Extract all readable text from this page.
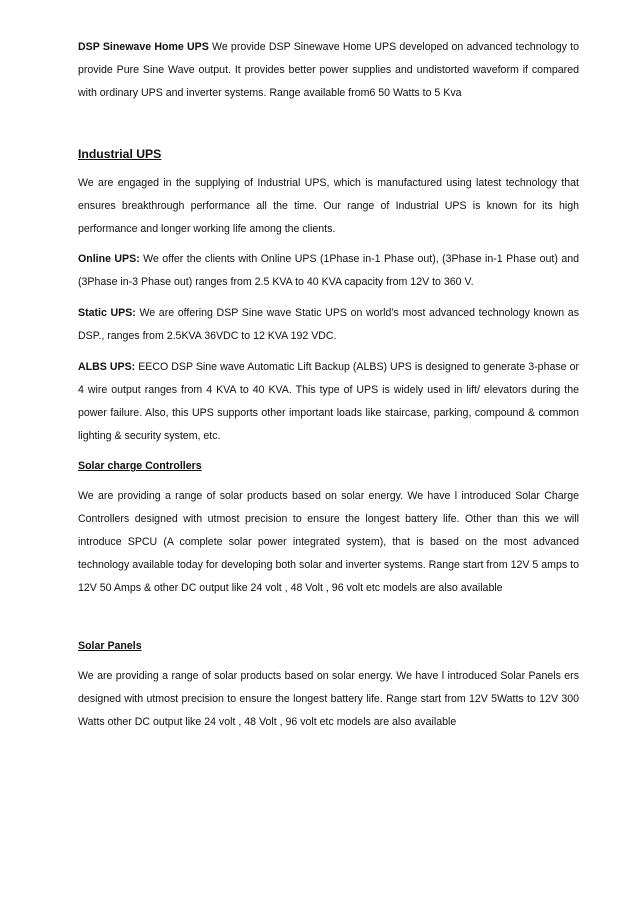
DSP Sinewave Home UPS We provide DSP Sinewave Home UPS developed on advanced technology to provide Pure Sine Wave output. It provides better power supplies and undistorted waveform if compared with ordinary UPS and inverter systems. Range available from6 50 Watts to 5 Kva

Industrial UPS

We are engaged in the supplying of Industrial UPS, which is manufactured using latest technology that ensures breakthrough performance all the time. Our range of Industrial UPS is known for its high performance and longer working life among the clients.

Online UPS: We offer the clients with Online UPS (1Phase in-1 Phase out), (3Phase in-1 Phase out) and (3Phase in-3 Phase out) ranges from 2.5 KVA to 40 KVA capacity from 12V to 360 V.

Static UPS: We are offering DSP Sine wave Static UPS on world’s most advanced technology known as DSP., ranges from 2.5KVA 36VDC to 12 KVA 192 VDC.

ALBS UPS: EECO DSP Sine wave Automatic Lift Backup (ALBS) UPS is designed to generate 3-phase or 4 wire output ranges from 4 KVA to 40 KVA. This type of UPS is widely used in lift/ elevators during the power failure. Also, this UPS supports other important loads like staircase, parking, compound & common lighting & security system, etc.

Solar charge Controllers

We are providing a range of solar products based on solar energy. We have l introduced Solar Charge Controllers designed with utmost precision to ensure the longest battery life. Other than this we will introduce SPCU (A complete solar power integrated system), that is based on the most advanced technology available today for developing both solar and inverter systems. Range start from 12V 5 amps to 12V 50 Amps & other DC output like 24 volt , 48 Volt , 96 volt etc models are also available

Solar Panels

We are providing a range of solar products based on solar energy. We have l introduced Solar Panels ers designed with utmost precision to ensure the longest battery life. Range start from 12V 5Watts to 12V 300 Watts other DC output like 24 volt , 48 Volt , 96 volt etc models are also available
